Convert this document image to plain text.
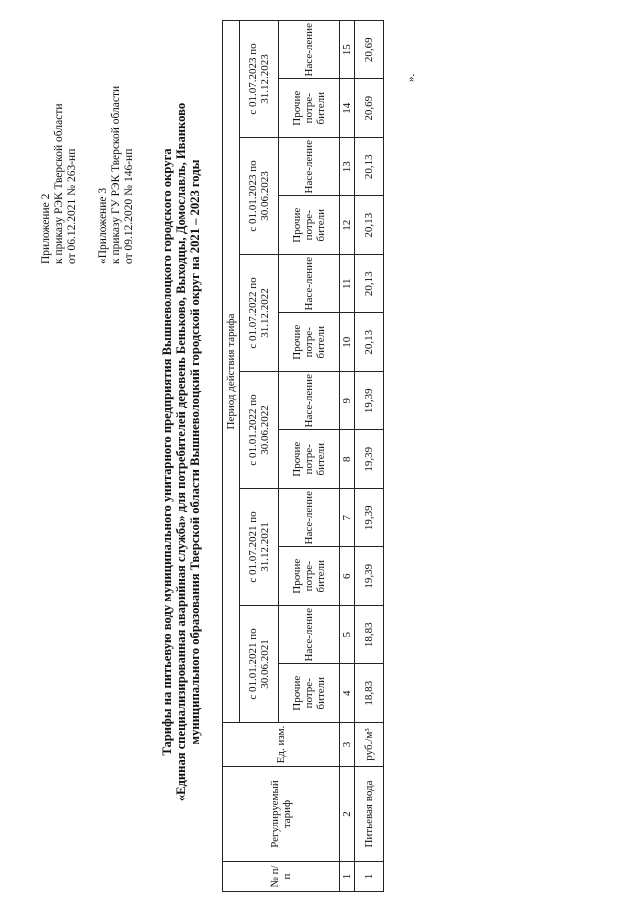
Приложение 2 к приказу РЭК Тверской области от 06.12.2021 № 263-нп «Приложение 3 к приказу ГУ РЭК Тверской области от 09.12.2020 № 146-нп Тарифы на питьевую воду муниципального унитарного предприятия Вышневолоцкого городского округа «Единая специализированная аварийная служба» для потребителей деревень Беньково, Выходцы, Домославль, Иванково муниципального образования Тверской области Вышневолоцкий городской округ на 2021 – 2023 годы
№ п/п	Регулируемый тариф	Ед. изм.	Период действия тарифа											
			с 01.01.2021 по 30.06.2021		с 01.07.2021 по 31.12.2021		с 01.01.2022 по 30.06.2022		с 01.07.2022 по 31.12.2022		с 01.01.2023 по 30.06.2023		с 01.07.2023 по 31.12.2023	
			Прочие потре-бители	Насе-ление	Прочие потре-бители	Насе-ление	Прочие потре-бители	Насе-ление	Прочие потре-бители	Насе-ление	Прочие потре-бители	Насе-ление	Прочие потре-бители	Насе-ление
1	2	3	4	5	6	7	8	9	10	11	12	13	14	15
1	Питьевая вода	руб./м³	18,83	18,83	19,39	19,39	19,39	19,39	20,13	20,13	20,13	20,13	20,69	20,69
».
